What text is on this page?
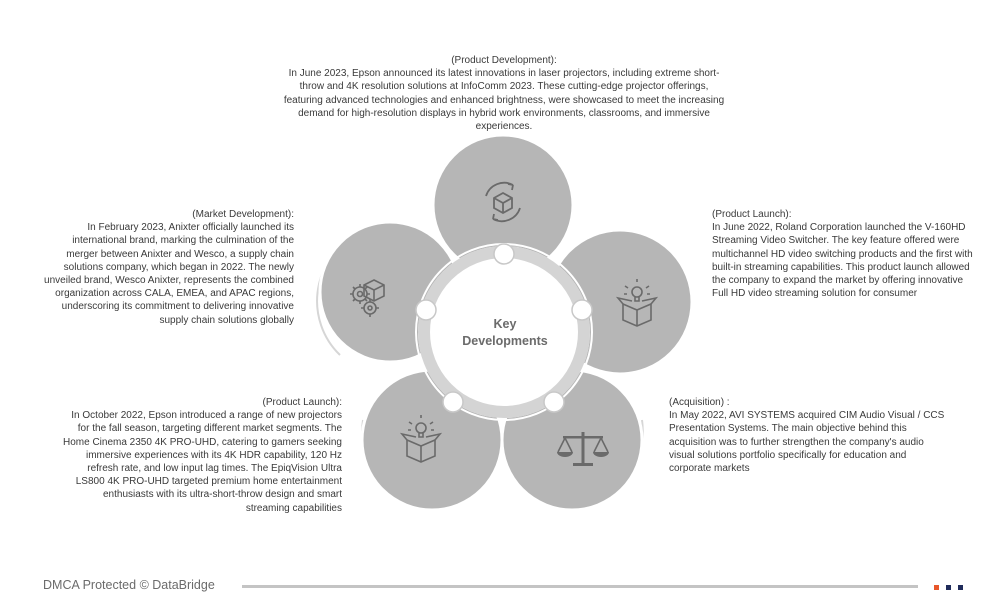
(Product Development):
In June 2023, Epson announced its latest innovations in laser projectors, including extreme short-throw and 4K resolution solutions at InfoComm 2023. These cutting-edge projector offerings, featuring advanced technologies and enhanced brightness, were showcased to meet the increasing demand for high-resolution displays in hybrid work environments, classrooms, and immersive experiences.
(Market Development):
In February 2023, Anixter officially launched its international brand, marking the culmination of the merger between Anixter and Wesco, a supply chain solutions company, which began in 2022. The newly unveiled brand, Wesco Anixter, represents the combined organization across CALA, EMEA, and APAC regions, underscoring its commitment to delivering innovative supply chain solutions globally
(Product Launch):
In June 2022, Roland Corporation launched the V-160HD Streaming Video Switcher. The key feature offered were multichannel HD video switching products and the first with built-in streaming capabilities. This product launch allowed the company to expand the market by offering innovative Full HD video streaming solution for consumer
(Product Launch):
In October 2022, Epson introduced a range of new projectors for the fall season, targeting different market segments. The Home Cinema 2350 4K PRO-UHD, catering to gamers seeking immersive experiences with its 4K HDR capability, 120 Hz refresh rate, and low input lag times. The EpiqVision Ultra LS800 4K PRO-UHD targeted premium home entertainment enthusiasts with its ultra-short-throw design and smart streaming capabilities
(Acquisition) :
In May 2022, AVI SYSTEMS acquired CIM Audio Visual / CCS Presentation Systems. The main objective behind this acquisition was to further strengthen the company's audio visual solutions portfolio specifically for education and corporate markets
Key
Developments
DMCA Protected © DataBridge
